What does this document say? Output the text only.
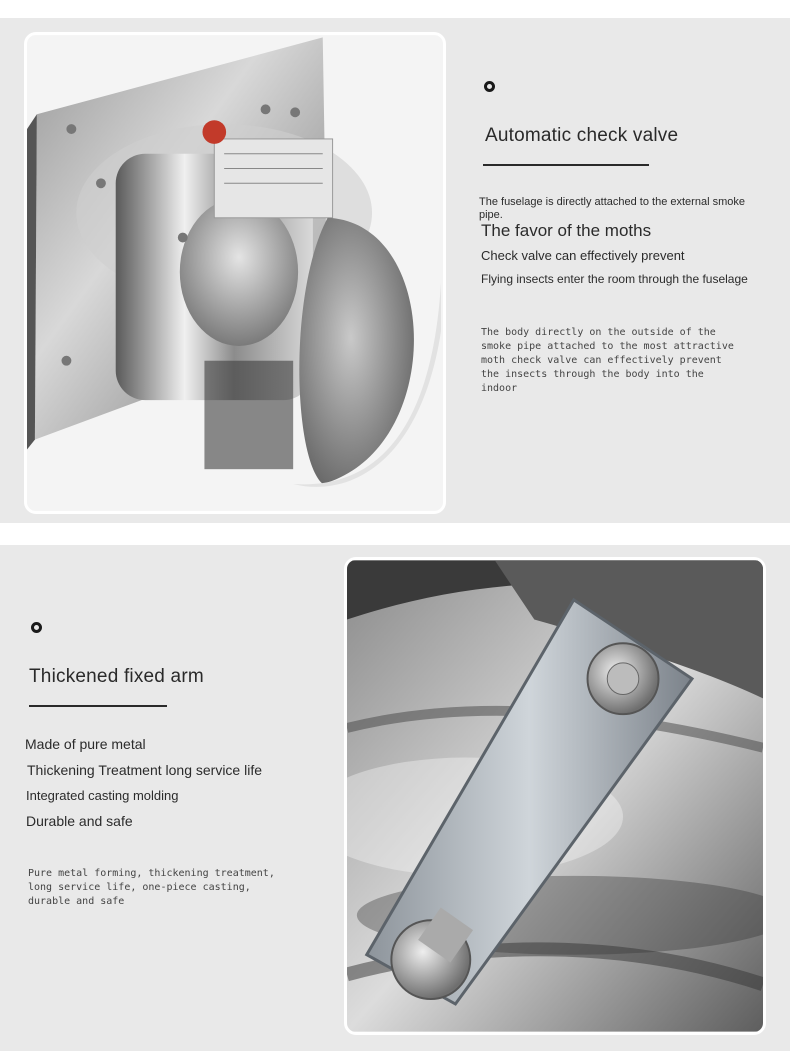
Automatic check valve
The fuselage is directly attached to the external smoke
pipe.
The favor of the moths
Check valve can effectively prevent
Flying insects enter the room through the fuselage
The body directly on the outside of the
smoke pipe attached to the most attractive
moth check valve can effectively prevent
the insects through the body into the
indoor
Thickened fixed arm
Made of pure metal
Thickening Treatment long service life
Integrated casting molding
Durable and safe
Pure metal forming, thickening treatment,
long service life, one-piece casting,
durable and safe
